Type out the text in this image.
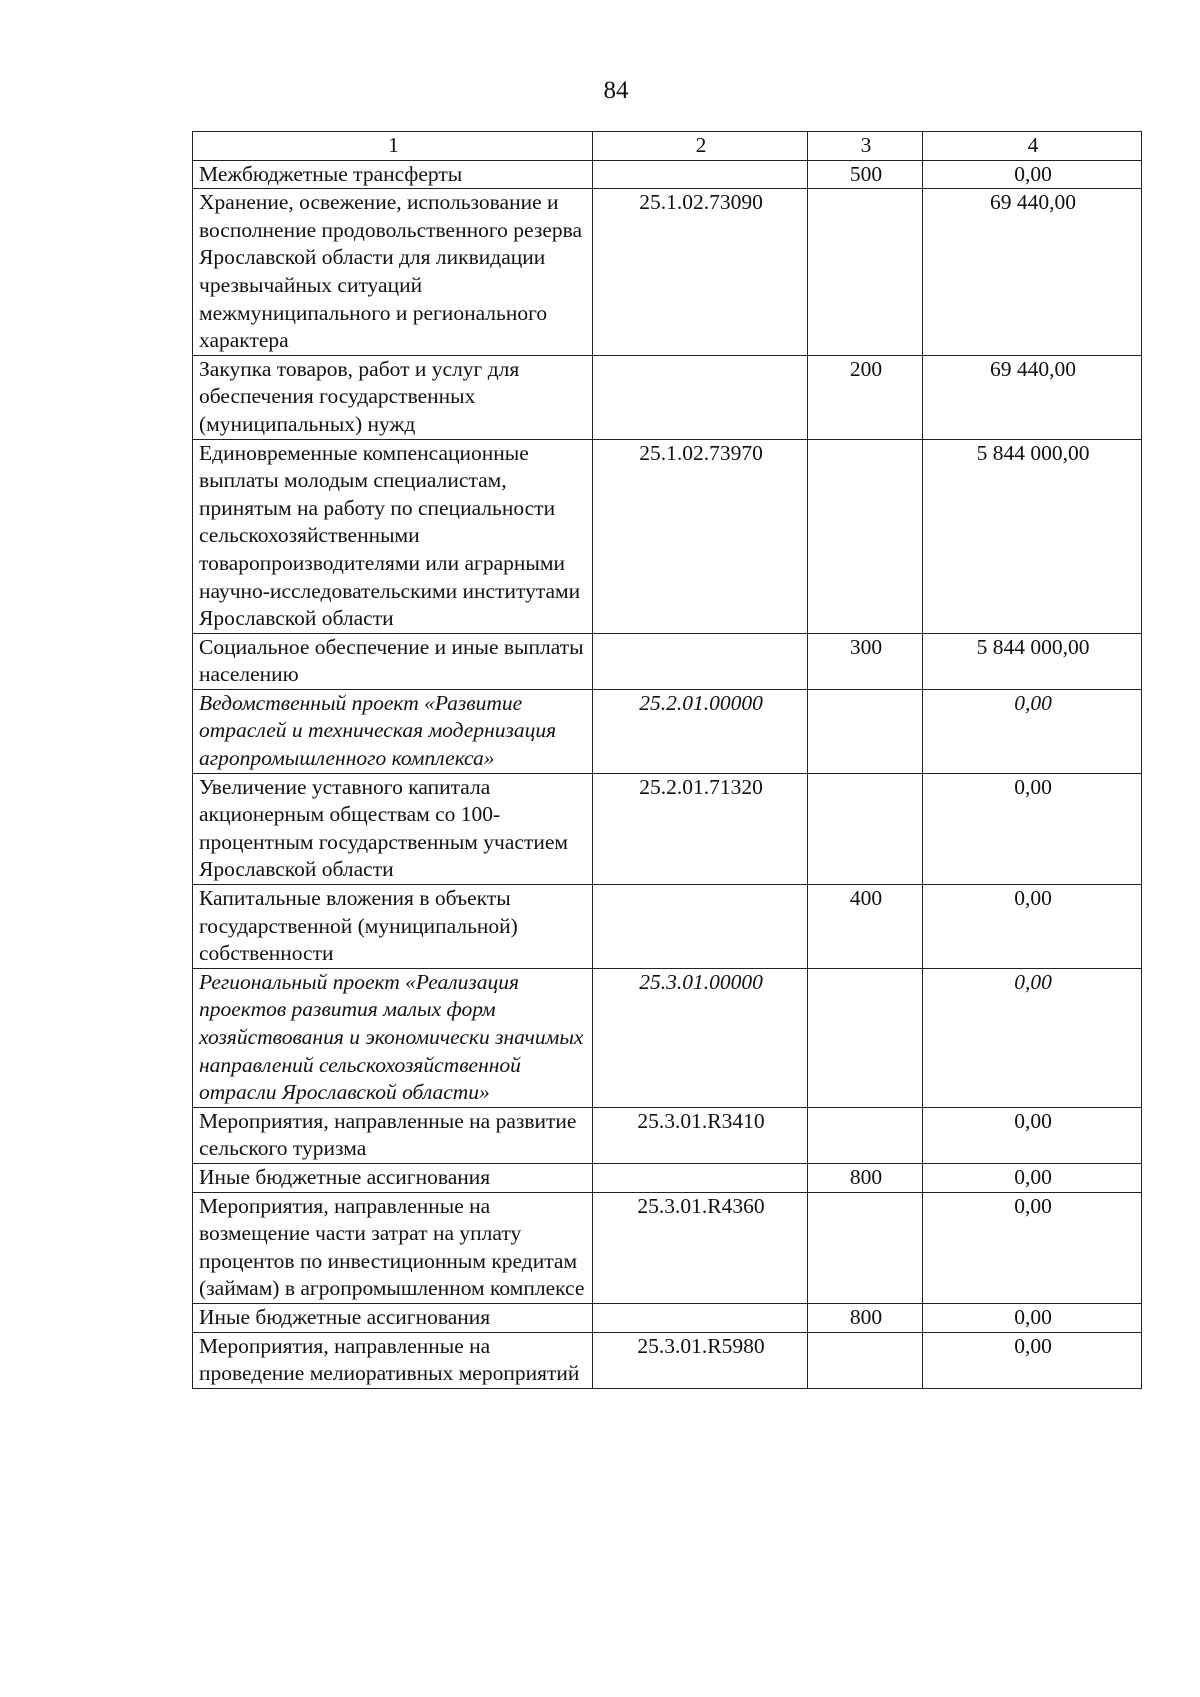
84
1	2	3	4
Межбюджетные трансферты		500	0,00
Хранение, освежение, использование и восполнение продовольственного резерва Ярославской области для ликвидации чрезвычайных ситуаций межмуниципального и регионального характера	25.1.02.73090		69 440,00
Закупка товаров, работ и услуг для обеспечения государственных (муниципальных) нужд		200	69 440,00
Единовременные компенсационные выплаты молодым специалистам, принятым на работу по специальности сельскохозяйственными товаропроизводителями или аграрными научно-исследовательскими институтами Ярославской области	25.1.02.73970		5 844 000,00
Социальное обеспечение и иные выплаты населению		300	5 844 000,00
Ведомственный проект «Развитие отраслей и техническая модернизация агропромышленного комплекса»	25.2.01.00000		0,00
Увеличение уставного капитала акционерным обществам со 100-процентным государственным участием Ярославской области	25.2.01.71320		0,00
Капитальные вложения в объекты государственной (муниципальной) собственности		400	0,00
Региональный проект «Реализация проектов развития малых форм хозяйствования и экономически значимых направлений сельскохозяйственной отрасли Ярославской области»	25.3.01.00000		0,00
Мероприятия, направленные на развитие сельского туризма	25.3.01.R3410		0,00
Иные бюджетные ассигнования		800	0,00
Мероприятия, направленные на возмещение части затрат на уплату процентов по инвестиционным кредитам (займам) в агропромышленном комплексе	25.3.01.R4360		0,00
Иные бюджетные ассигнования		800	0,00
Мероприятия, направленные на проведение мелиоративных мероприятий	25.3.01.R5980		0,00
